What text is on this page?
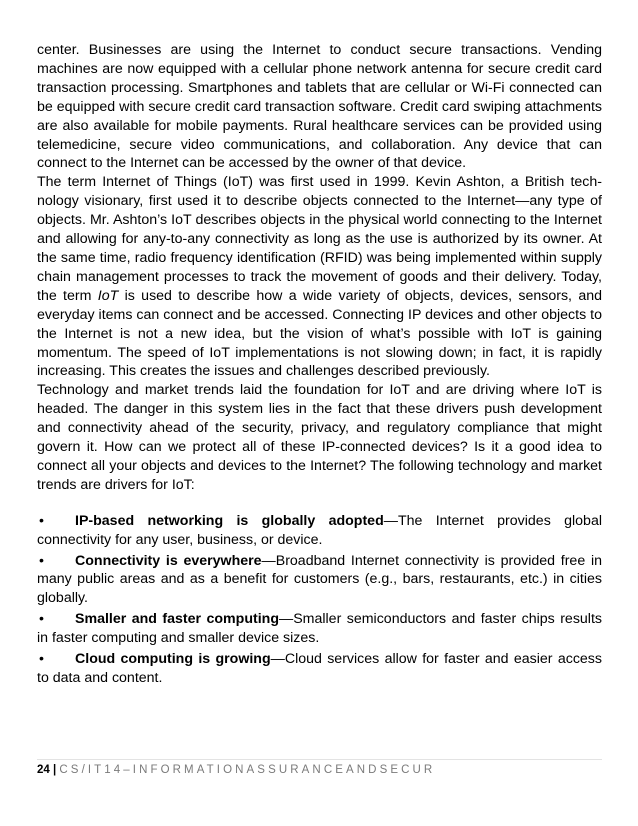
center. Businesses are using the Internet to conduct secure transactions. Vending machines are now equipped with a cellular phone network antenna for secure credit card transaction processing. Smartphones and tablets that are cellular or Wi-Fi connected can be equipped with secure credit card transaction software. Credit card swiping attachments are also available for mobile payments. Rural healthcare services can be provided using telemedicine, secure video communications, and collaboration. Any device that can connect to the Internet can be accessed by the owner of that device.

The term Internet of Things (IoT) was first used in 1999. Kevin Ashton, a British tech-nology visionary, first used it to describe objects connected to the Internet—any type of objects. Mr. Ashton’s IoT describes objects in the physical world connecting to the Internet and allowing for any-to-any connectivity as long as the use is authorized by its owner. At the same time, radio frequency identification (RFID) was being implemented within supply chain management processes to track the movement of goods and their delivery. Today, the term IoT is used to describe how a wide variety of objects, devices, sensors, and everyday items can connect and be accessed. Connecting IP devices and other objects to the Internet is not a new idea, but the vision of what’s possible with IoT is gaining momentum. The speed of IoT implementations is not slowing down; in fact, it is rapidly increasing. This creates the issues and challenges described previously.

Technology and market trends laid the foundation for IoT and are driving where IoT is headed. The danger in this system lies in the fact that these drivers push development and connectivity ahead of the security, privacy, and regulatory compliance that might govern it. How can we protect all of these IP-connected devices? Is it a good idea to connect all your objects and devices to the Internet? The following technology and market trends are drivers for IoT:

• IP-based networking is globally adopted—The Internet provides global connectivity for any user, business, or device.
• Connectivity is everywhere—Broadband Internet connectivity is provided free in many public areas and as a benefit for customers (e.g., bars, restaurants, etc.) in cities globally.
• Smaller and faster computing—Smaller semiconductors and faster chips results in faster computing and smaller device sizes.
• Cloud computing is growing—Cloud services allow for faster and easier access to data and content.
24 | CS/IT14–INFORMATIONASSURANCEANDSECUR
